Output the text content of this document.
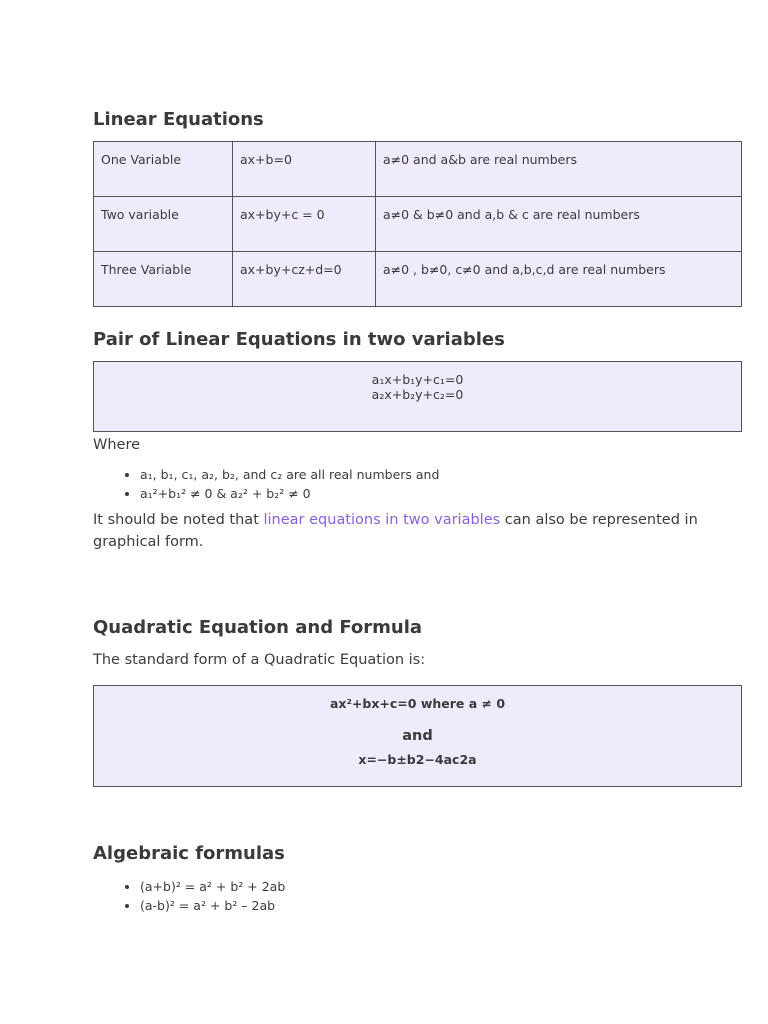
Linear Equations
One Variable	ax+b=0	a≠0 and a&b are real numbers
Two variable	ax+by+c = 0	a≠0 & b≠0 and a,b & c are real numbers
Three Variable	ax+by+cz+d=0	a≠0 , b≠0, c≠0 and a,b,c,d are real numbers
Pair of Linear Equations in two variables
a₁x+b₁y+c₁=0
a₂x+b₂y+c₂=0

Where

• a₁, b₁, c₁, a₂, b₂, and c₂ are all real numbers and
• a₁²+b₁² ≠ 0 & a₂² + b₂² ≠ 0

It should be noted that linear equations in two variables can also be represented in graphical form.

Quadratic Equation and Formula

The standard form of a Quadratic Equation is:

ax²+bx+c=0 where a ≠ 0
and
x=−b±b2−4ac2a
Algebraic formulas
• (a+b)² = a² + b² + 2ab
• (a-b)² = a² + b² – 2ab
